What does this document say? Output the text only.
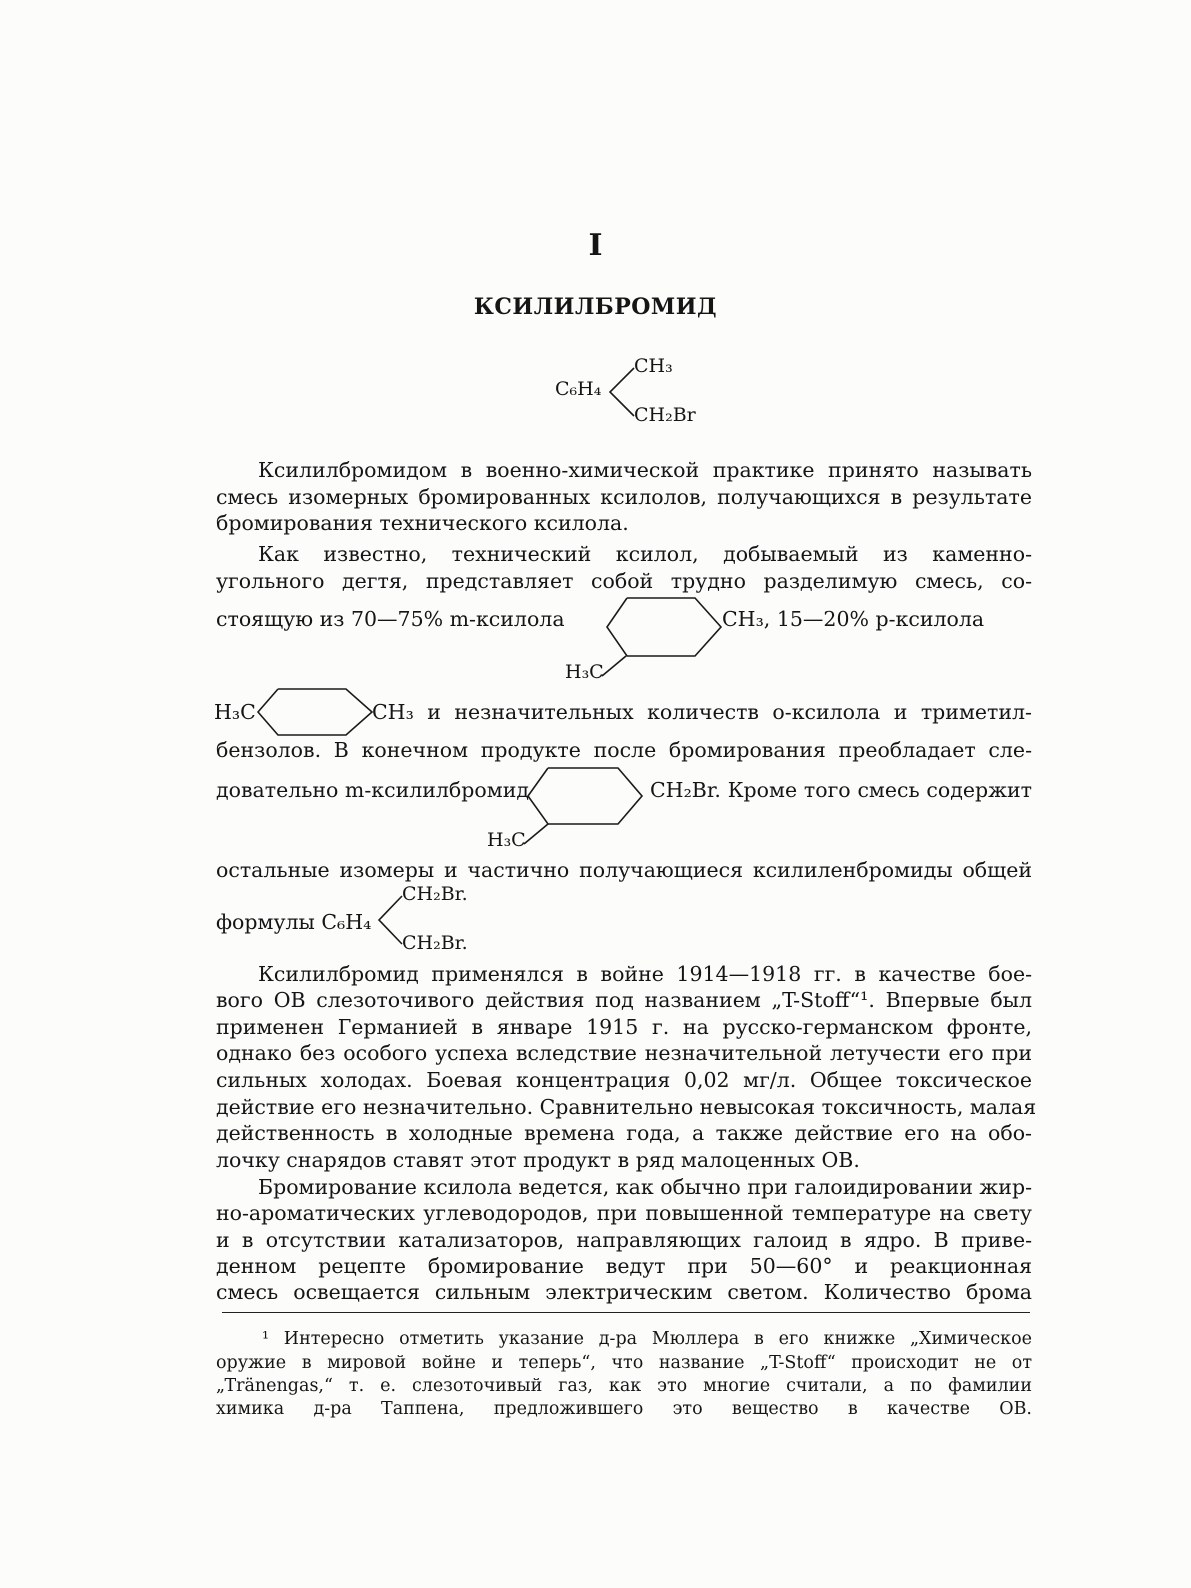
I
КСИЛИЛБРОМИД
C₆H₄
CH₃
CH₂Br
Ксилилбромидом в военно-химической практике принято называть
смесь изомерных бромированных ксилолов, получающихся в результате
бромирования технического ксилола.
Как известно, технический ксилол, добываемый из каменно-
угольного дегтя, представляет собой трудно разделимую смесь, со-
стоящую из 70—75% m-ксилола	CH₃, 15—20% p-ксилола
H₃C
H₃C	CH₃ и незначительных количеств o-ксилола и триметил-
бензолов. В конечном продукте после бромирования преобладает сле-
довательно m-ксилилбромид	CH₂Br. Кроме того смесь содержит
H₃C
остальные изомеры и частично получающиеся ксилиленбромиды общей
формулы C₆H₄
CH₂Br.
CH₂Br.
Ксилилбромид применялся в войне 1914—1918 гг. в качестве бое-
вого ОВ слезоточивого действия под названием „T-Stoff“¹. Впервые был
применен Германией в январе 1915 г. на русско-германском фронте,
однако без особого успеха вследствие незначительной летучести его при
сильных холодах. Боевая концентрация 0,02 мг/л. Общее токсическое
действие его незначительно. Сравнительно невысокая токсичность, малая
действенность в холодные времена года, а также действие его на обо-
лочку снарядов ставят этот продукт в ряд малоценных ОВ.
Бромирование ксилола ведется, как обычно при галоидировании жир-
но-ароматических углеводородов, при повышенной температуре на свету
и в отсутствии катализаторов, направляющих галоид в ядро. В приве-
денном рецепте бромирование ведут при 50—60° и реакционная
смесь освещается сильным электрическим светом. Количество брома
¹ Интересно отметить указание д-ра Мюллера в его книжке „Химическое
оружие в мировой войне и теперь“, что название „T-Stoff“ происходит не от
„Tränengas,“ т. е. слезоточивый газ, как это многие считали, а по фамилии
химика д-ра Таппена, предложившего это вещество в качестве ОВ.
